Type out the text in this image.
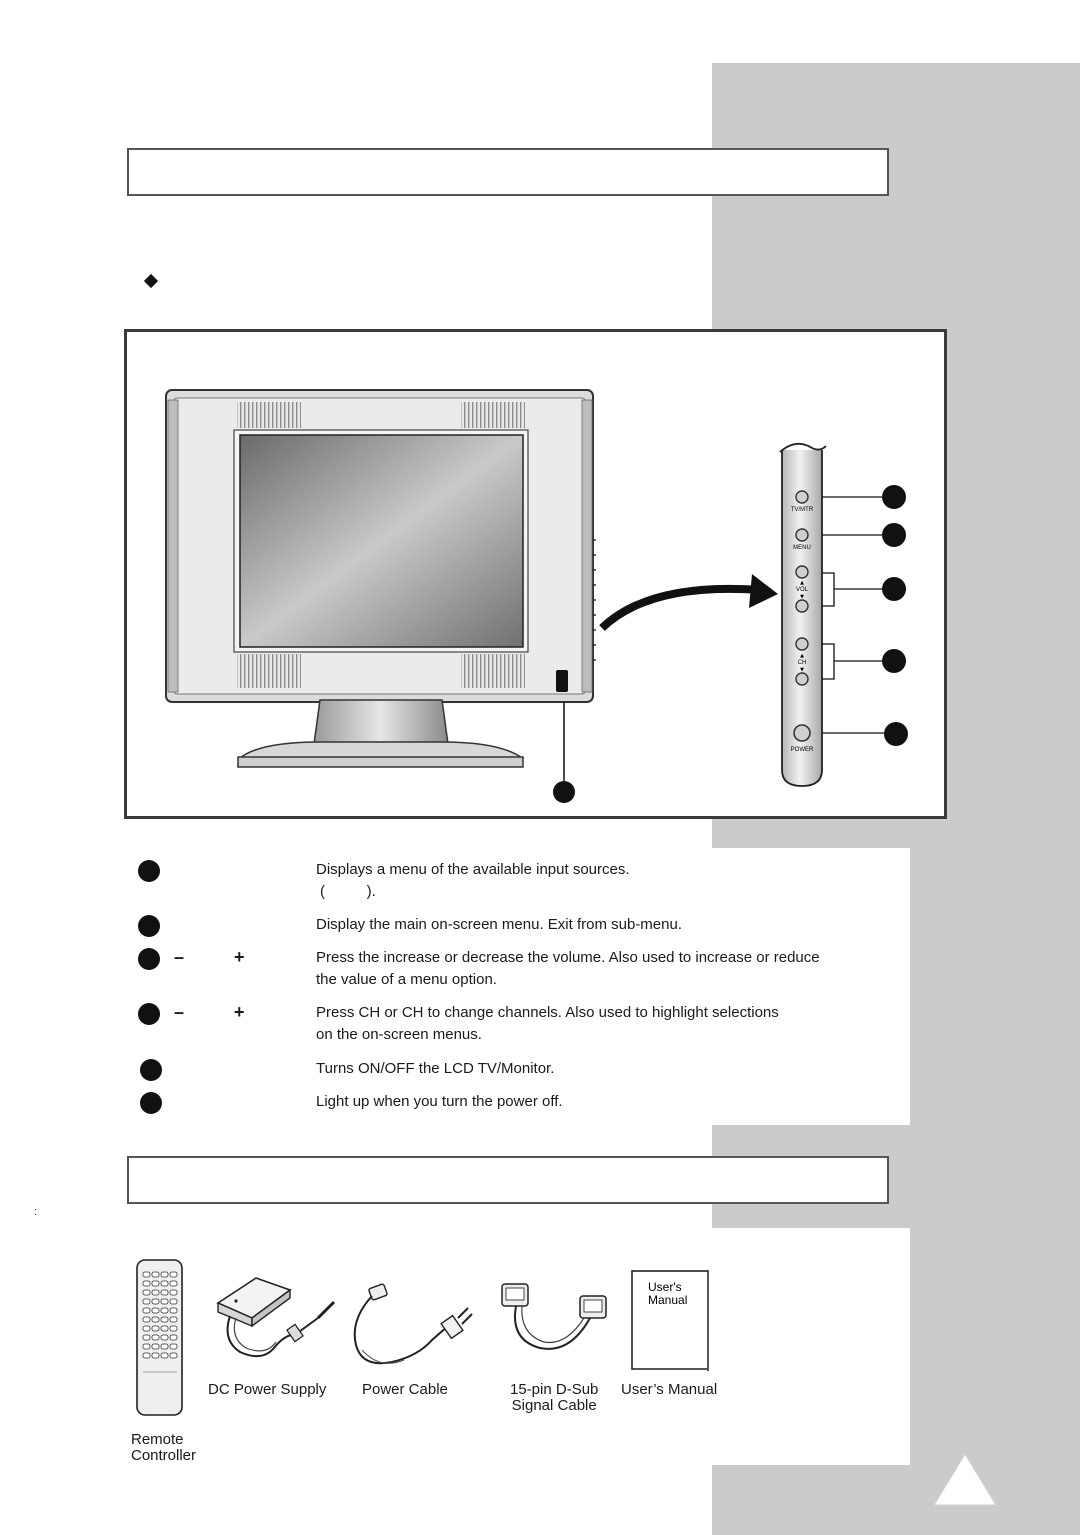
TV/MTR
MENU
▲
VOL
▼
▲
CH
▼
POWER
Displays a menu of the available input sources.
(          ).
Display the main on-screen menu. Exit from sub-menu.
–	+	Press the increase or decrease the volume. Also used to increase or reduce
the value of a menu option.
–	+	Press CH or CH to change channels. Also used to highlight selections
on the on-screen menus.
Turns ON/OFF the LCD TV/Monitor.
Light up when you turn the power off.
:
User's
Manual
Remote
Controller
DC Power Supply Power Cable	15-pin D-Sub
Signal Cable
User’s Manual
